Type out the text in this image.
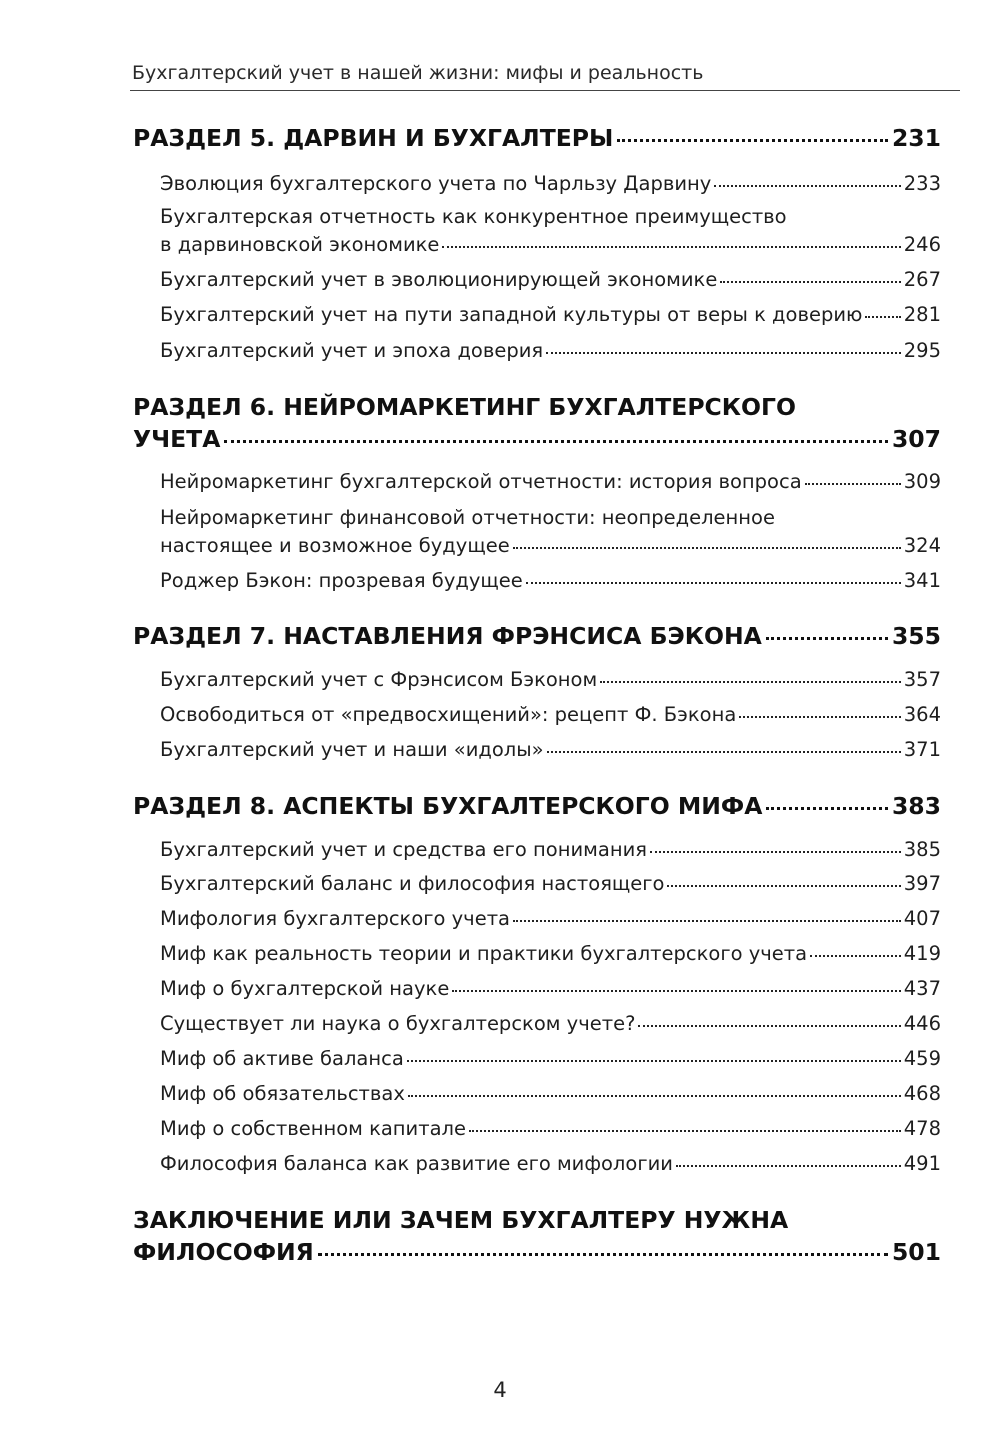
Бухгалтерский учет в нашей жизни: мифы и реальность
РАЗДЕЛ 5. ДАРВИН И БУХГАЛТЕРЫ	231
Эволюция бухгалтерского учета по Чарльзу Дарвину	233
Бухгалтерская отчетность как конкурентное преимущество
в дарвиновской экономике	246
Бухгалтерский учет в эволюционирующей экономике	267
Бухгалтерский учет на пути западной культуры от веры к доверию 281
Бухгалтерский учет и эпоха доверия	295
РАЗДЕЛ 6. НЕЙРОМАРКЕТИНГ БУХГАЛТЕРСКОГО
УЧЕТА	307
Нейромаркетинг бухгалтерской отчетности: история вопроса	309
Нейромаркетинг финансовой отчетности: неопределенное
настоящее и возможное будущее	324
Роджер Бэкон: прозревая будущее	341
РАЗДЕЛ 7. НАСТАВЛЕНИЯ ФРЭНСИСА БЭКОНА	355
Бухгалтерский учет с Фрэнсисом Бэконом	357
Освободиться от «предвосхищений»: рецепт Ф. Бэкона	364
Бухгалтерский учет и наши «идолы»	371
РАЗДЕЛ 8. АСПЕКТЫ БУХГАЛТЕРСКОГО МИФА	383
Бухгалтерский учет и средства его понимания	385
Бухгалтерский баланс и философия настоящего	397
Мифология бухгалтерского учета	407
Миф как реальность теории и практики бухгалтерского учета	419
Миф о бухгалтерской науке	437
Существует ли наука о бухгалтерском учете?	446
Миф об активе баланса	459
Миф об обязательствах	468
Миф о собственном капитале	478
Философия баланса как развитие его мифологии	491
ЗАКЛЮЧЕНИЕ ИЛИ ЗАЧЕМ БУХГАЛТЕРУ НУЖНА
ФИЛОСОФИЯ	501
4
